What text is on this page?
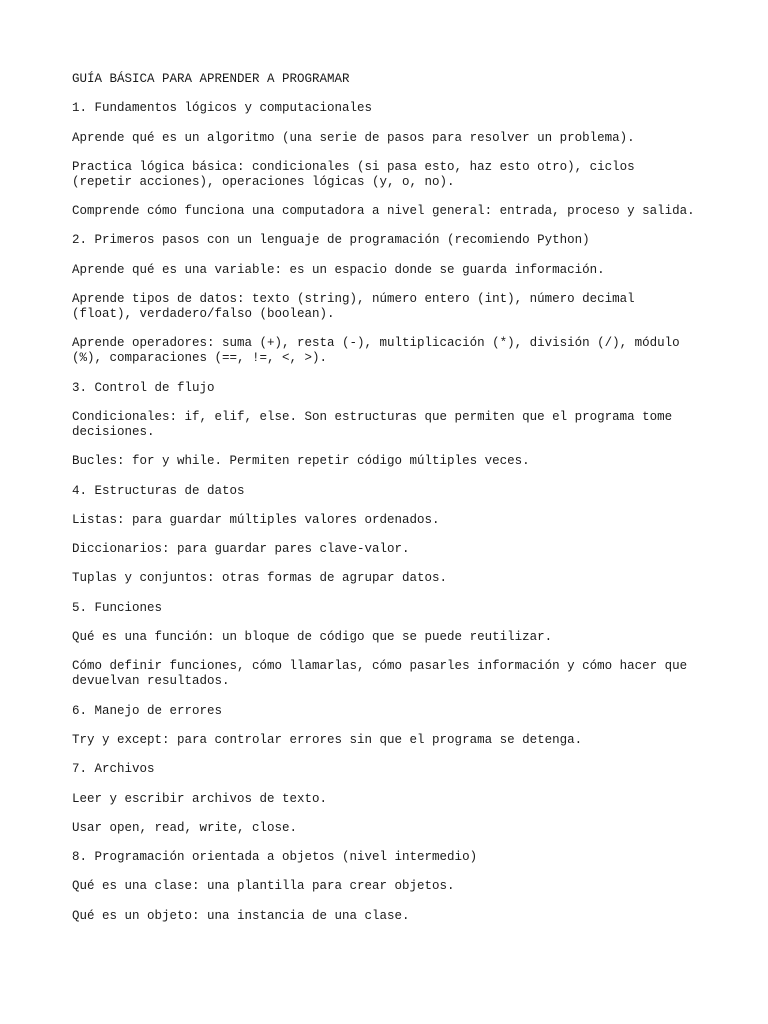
GUÍA BÁSICA PARA APRENDER A PROGRAMAR

1. Fundamentos lógicos y computacionales

Aprende qué es un algoritmo (una serie de pasos para resolver un problema).

Practica lógica básica: condicionales (si pasa esto, haz esto otro), ciclos
(repetir acciones), operaciones lógicas (y, o, no).

Comprende cómo funciona una computadora a nivel general: entrada, proceso y salida.

2. Primeros pasos con un lenguaje de programación (recomiendo Python)

Aprende qué es una variable: es un espacio donde se guarda información.

Aprende tipos de datos: texto (string), número entero (int), número decimal
(float), verdadero/falso (boolean).

Aprende operadores: suma (+), resta (-), multiplicación (*), división (/), módulo
(%), comparaciones (==, !=, <, >).

3. Control de flujo

Condicionales: if, elif, else. Son estructuras que permiten que el programa tome
decisiones.

Bucles: for y while. Permiten repetir código múltiples veces.

4. Estructuras de datos

Listas: para guardar múltiples valores ordenados.

Diccionarios: para guardar pares clave-valor.

Tuplas y conjuntos: otras formas de agrupar datos.

5. Funciones

Qué es una función: un bloque de código que se puede reutilizar.

Cómo definir funciones, cómo llamarlas, cómo pasarles información y cómo hacer que
devuelvan resultados.

6. Manejo de errores

Try y except: para controlar errores sin que el programa se detenga.

7. Archivos

Leer y escribir archivos de texto.

Usar open, read, write, close.

8. Programación orientada a objetos (nivel intermedio)

Qué es una clase: una plantilla para crear objetos.

Qué es un objeto: una instancia de una clase.
